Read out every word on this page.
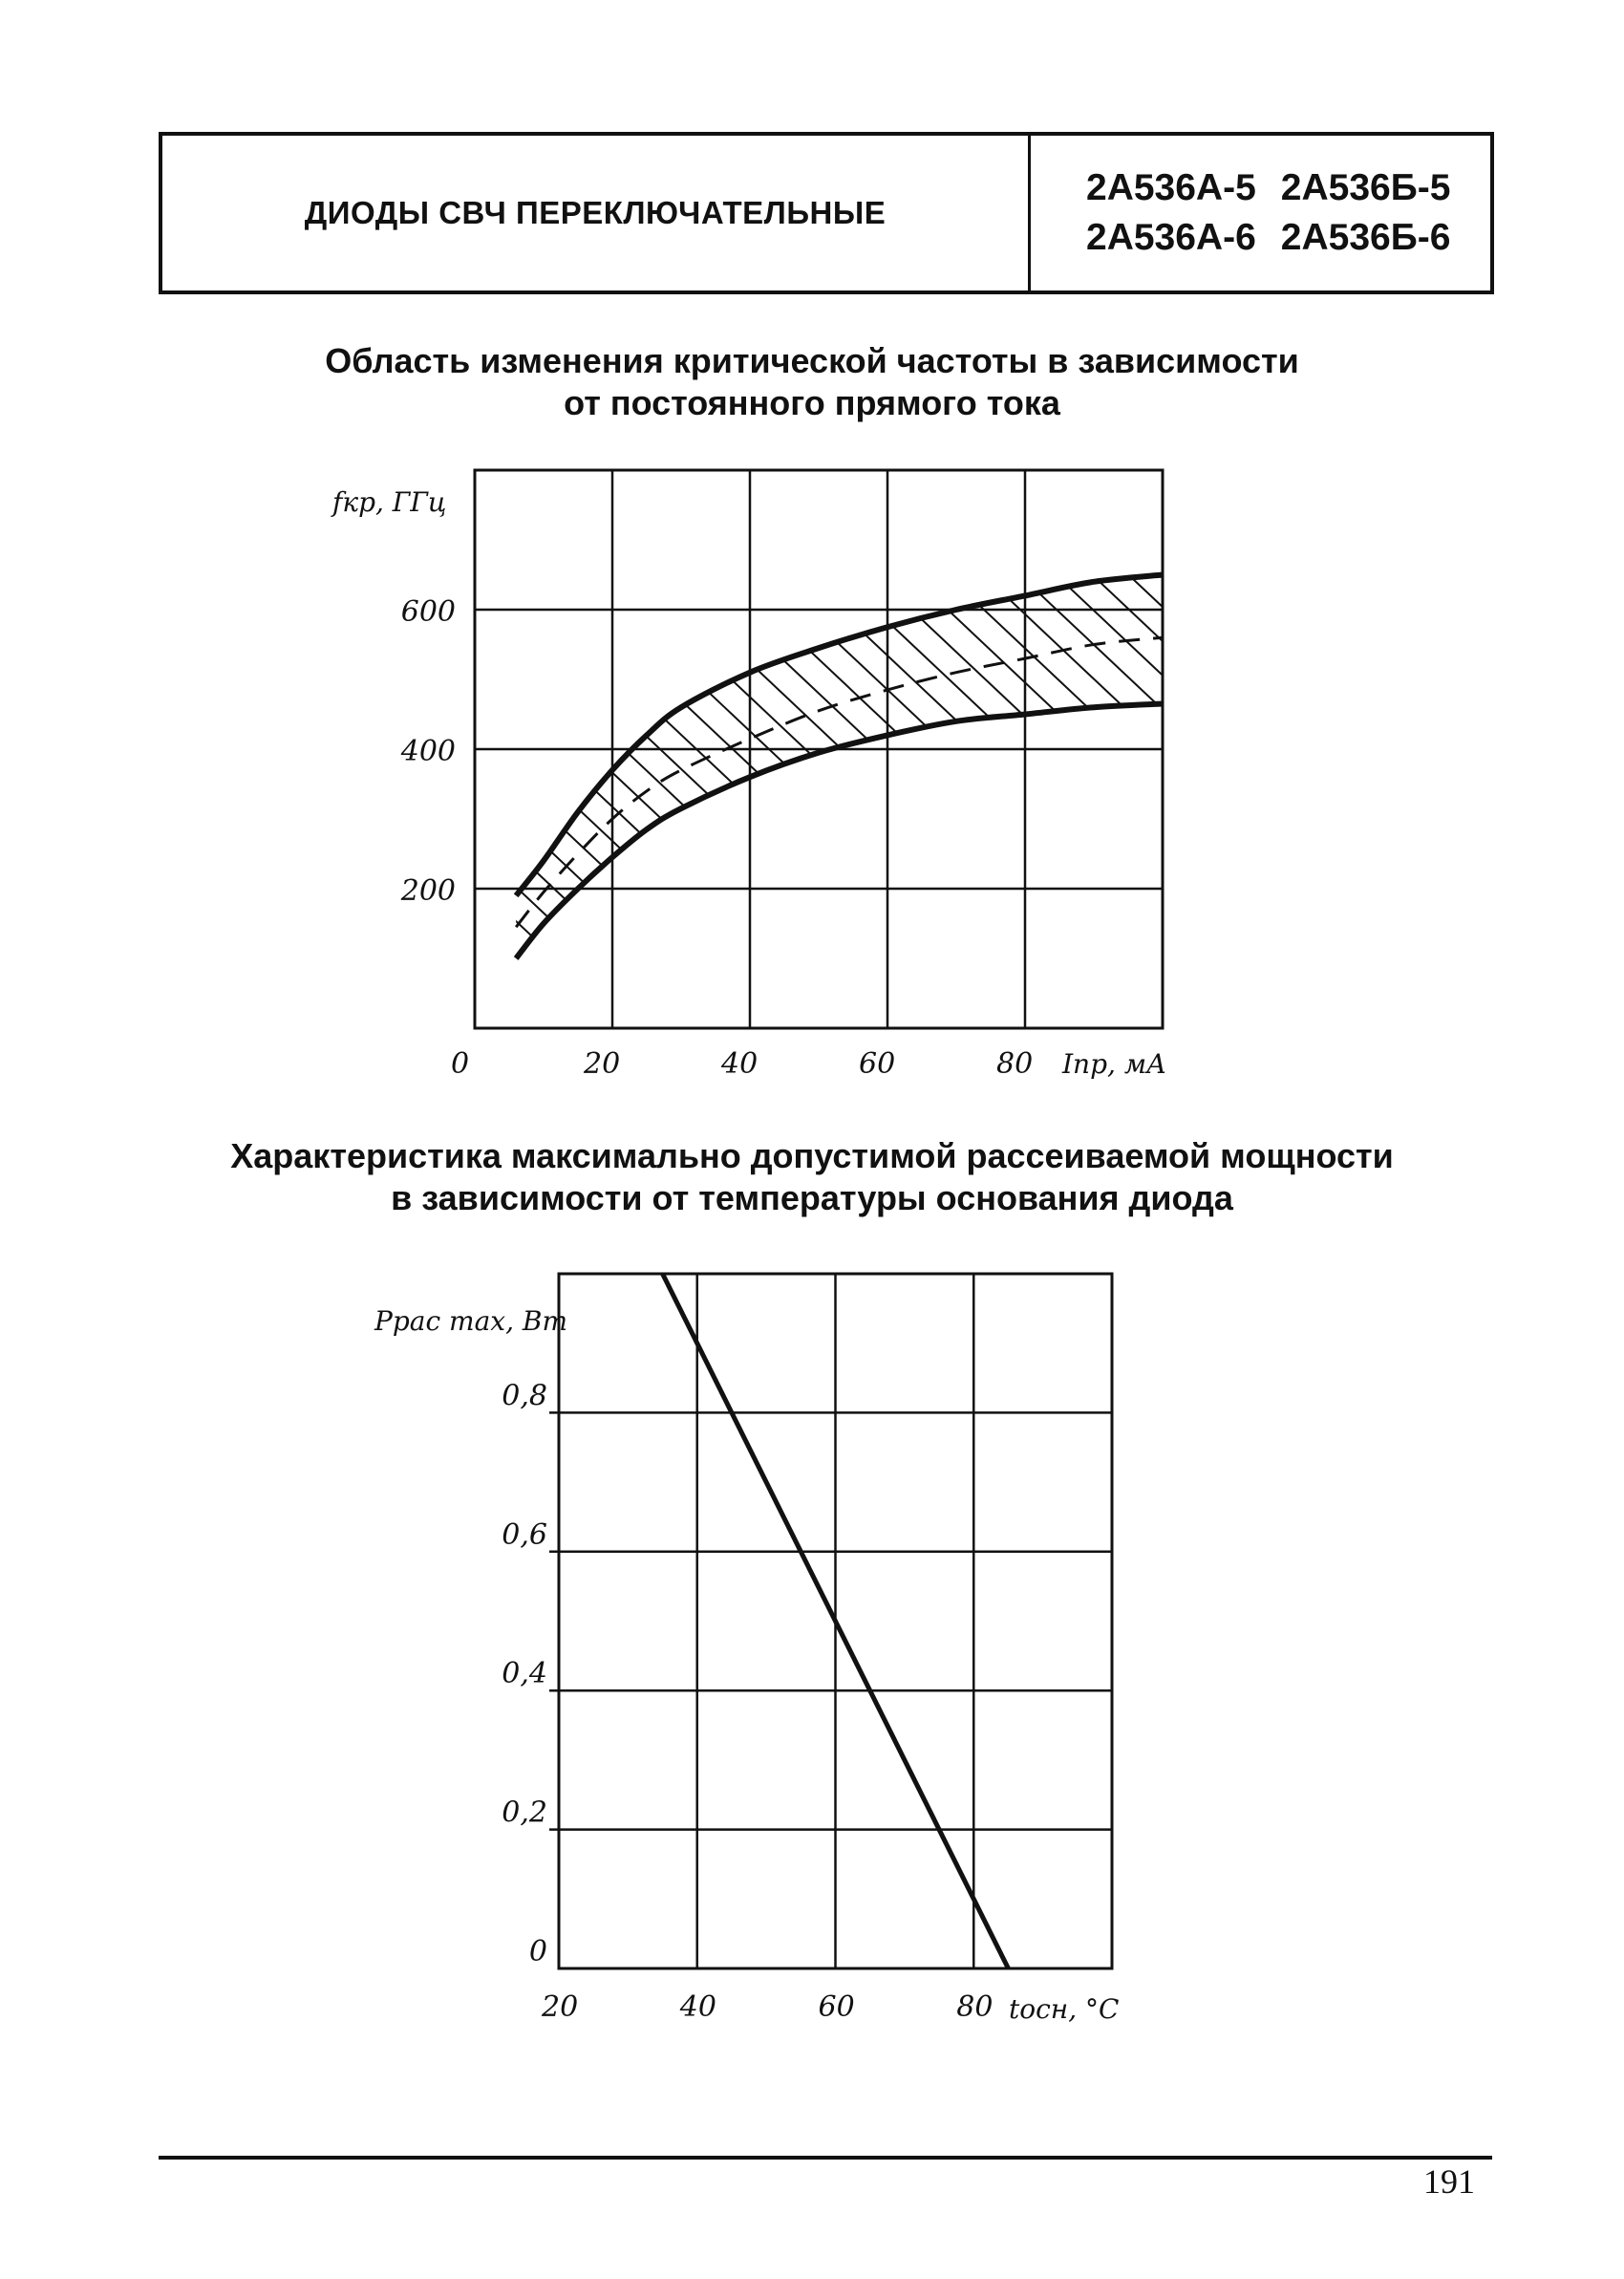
ДИОДЫ СВЧ ПЕРЕКЛЮЧАТЕЛЬНЫЕ
2А536А-5 2А536Б-5
2А536А-6 2А536Б-6
Область изменения критической частоты в зависимости
от постоянного прямого тока
20	40	60	80
200
400
600
fкр, ГГц
Iпр, мА
0
Характеристика максимально допустимой рассеиваемой мощности
в зависимости от температуры основания диода
20	40	60	80
0
0,2
0,4
0,6
0,8
Pрас max, Вт
tосн, °C
191
